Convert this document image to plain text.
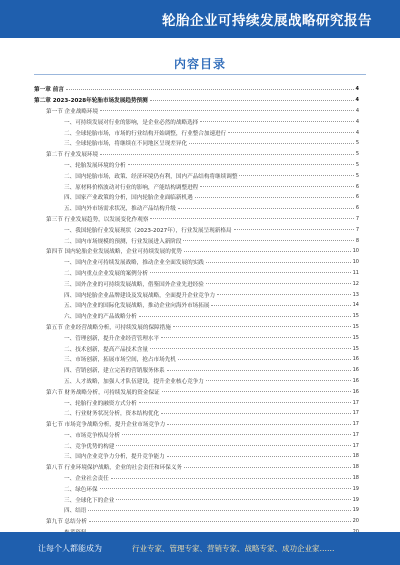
轮胎企业可持续发展战略研究报告
内容目录
第一章 前言	4
第二章 2023-2028年轮胎市场发展趋势预测	4
第一节 企业战略环境	4
一、可持续发展对行业的影响，是企业必然的战略选择	4
二、全球轮胎市场，市场的行业结构开始调整，行业整合加速进行	4
三、全球轮胎市场，将继续在不同地区呈现差异化	5
第二节 行业发展环境	5
一、轮胎发展环境的分析	5
二、国内轮胎市场，政策、经济环境仍有利，国内产品结构将继续调整	5
三、原材料价格波动对行业的影响，产能结构调整进程	6
四、国家产业政策的分析，国内轮胎企业面临新机遇	6
五、国内外市场需求状况，推动产品结构升级	6
第三节 行业发展趋势，以发展变化作观察	7
一、我国轮胎行业发展现状（2023-2027年），行业发展呈现新格局	7
二、国内市场规模的预测，行业发展进入新阶段	8
第四节 国内轮胎企业发展战略，企业可持续发展的优势	10
一、国内企业可持续发展战略，推动企业全面发展的实践	10
二、国内重点企业发展的案例分析	11
三、国外企业的可持续发展战略，借鉴国外企业先进经验	12
四、国内轮胎企业品牌建设及发展战略，全面提升企业竞争力	13
五、国内企业的国际化发展战略，推动企业向海外市场拓展	14
六、国内企业的产品战略分析	15
第五节 企业经营战略分析，可持续发展的保障措施	15
一、管理创新，提升企业经营管理水平	15
二、技术创新，提高产品技术含量	15
三、市场创新，拓展市场空间，抢占市场先机	16
四、营销创新，建立完善的营销服务体系	16
五、人才战略，加强人才队伍建设，提升企业核心竞争力	16
第六节 财务战略分析，可持续发展的资金保证	16
一、轮胎行业的融资方式分析	17
二、行业财务状况分析，资本结构优化	17
第七节 市场竞争战略分析，提升企业市场竞争力	17
一、市场竞争格局分析	17
二、竞争优势的构建	17
三、国内企业竞争力分析，提升竞争能力	18
第八节 行业环境保护战略，企业的社会责任和环保义务	18
一、企业社会责任	18
二、绿色环保	19
三、全球化下的企业	19
四、结语	19
第九节 总结分析	20
让每个人都能成为	行业专家、管理专家、营销专家、战略专家、成功企业家……
